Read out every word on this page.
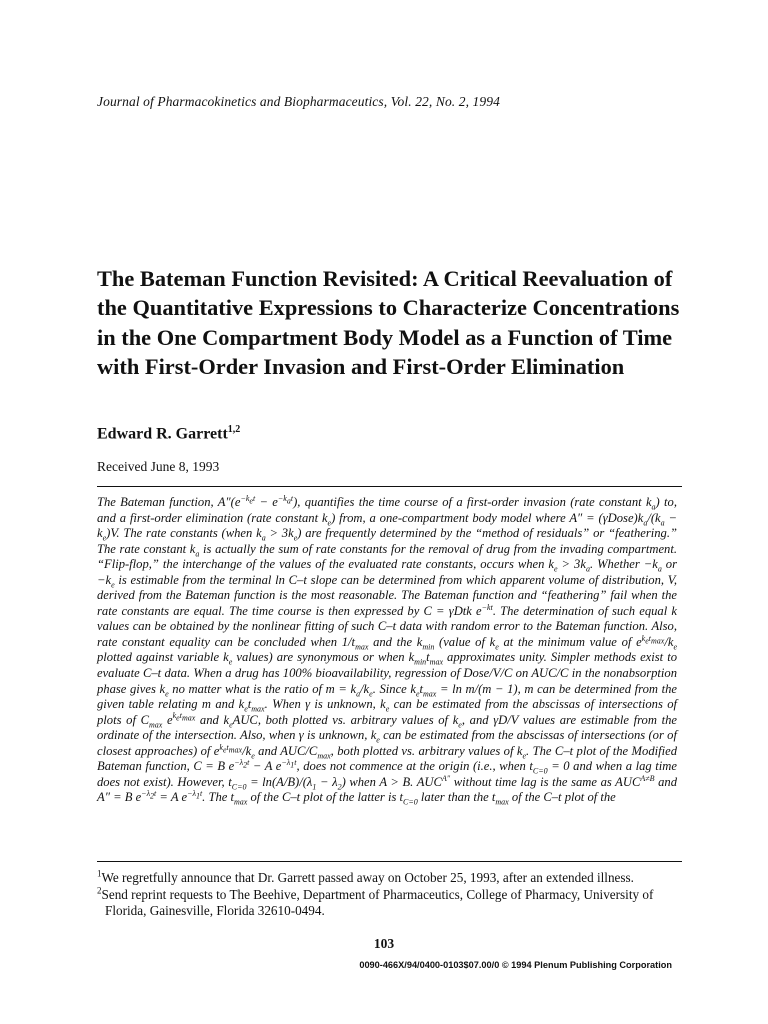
Journal of Pharmacokinetics and Biopharmaceutics, Vol. 22, No. 2, 1994
The Bateman Function Revisited: A Critical Reevaluation of the Quantitative Expressions to Characterize Concentrations in the One Compartment Body Model as a Function of Time with First-Order Invasion and First-Order Elimination
Edward R. Garrett$^{1,2}$
Received June 8, 1993
The Bateman function, $A''(e^{-k_et} - e^{-k_at})$, quantifies the time course of a first-order invasion (rate constant $k_a$) to, and a first-order elimination (rate constant $k_e$) from, a one-compartment body model where $A'' = (\gamma Dose)k_a/(k_a - k_e)V$. The rate constants (when $k_a > 3k_e$) are frequently determined by the “method of residuals” or “feathering.” The rate constant $k_a$ is actually the sum of rate constants for the removal of drug from the invading compartment. “Flip-flop,” the interchange of the values of the evaluated rate constants, occurs when $k_e > 3k_a$. Whether $-k_a$ or $-k_e$ is estimable from the terminal ln C–t slope can be determined from which apparent volume of distribution, V, derived from the Bateman function is the most reasonable. The Bateman function and “feathering” fail when the rate constants are equal. The time course is then expressed by C = γDtk $e^{-kt}$. The determination of such equal k values can be obtained by the nonlinear fitting of such C–t data with random error to the Bateman function. Also, rate constant equality can be concluded when $1/t_{max}$ and the $k_{min}$ (value of $k_e$ at the minimum value of $e^{k_et_{max}}/k_e$ plotted against variable $k_e$ values) are synonymous or when $k_{min}t_{max}$ approximates unity. Simpler methods exist to evaluate C–t data. When a drug has 100% bioavailability, regression of Dose/V/C on AUC/C in the nonabsorption phase gives $k_e$ no matter what is the ratio of $m = k_a/k_e$. Since $k_et_{max} = \ln m/(m - 1)$, m can be determined from the given table relating m and $k_et_{max}$. When γ is unknown, $k_e$ can be estimated from the abscissas of intersections of plots of $C_{max}$ $e^{k_et_{max}}$ and $k_eAUC$, both plotted vs. arbitrary values of $k_e$, and γD/V values are estimable from the ordinate of the intersection. Also, when γ is unknown, $k_e$ can be estimated from the abscissas of intersections (or of closest approaches) of $e^{k_et_{max}}/k_e$ and AUC/$C_{max}$, both plotted vs. arbitrary values of $k_e$. The C–t plot of the Modified Bateman function, C = B $e^{-\lambda_2t} - A$ $e^{-\lambda_1t}$, does not commence at the origin (i.e., when $t_{C=0} = 0$ and when a lag time does not exist). However, $t_{C=0} = \ln(A/B)/(\lambda_1 - \lambda_2)$ when A > B. $AUC^{A''}$ without time lag is the same as $AUC^{A\ne B}$ and A″ = B $e^{-\lambda_2t} = A$ $e^{-\lambda_1t}$. The $t_{max}$ of the C–t plot of the latter is $t_{C=0}$ later than the $t_{max}$ of the C–t plot of the
$^1$We regretfully announce that Dr. Garrett passed away on October 25, 1993, after an extended illness.
$^2$Send reprint requests to The Beehive, Department of Pharmaceutics, College of Pharmacy, University of Florida, Gainesville, Florida 32610-0494.
103
0090-466X/94/0400-0103$07.00/0 © 1994 Plenum Publishing Corporation
